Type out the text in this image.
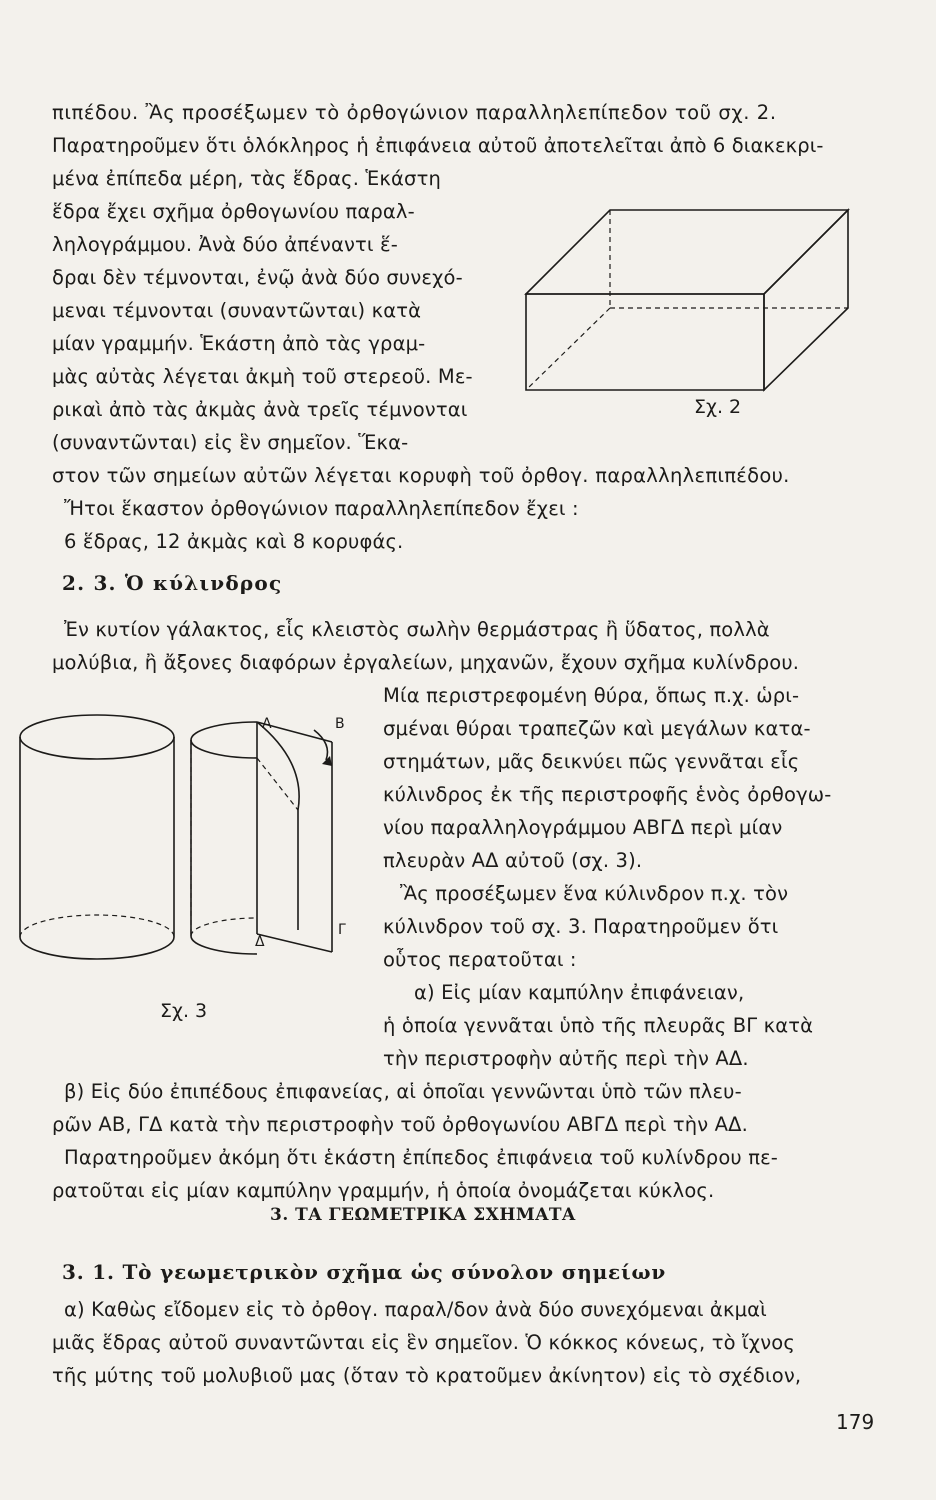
πιπέδου. Ἂς προσέξωμεν τὸ ὀρθογώνιον παραλληλεπίπεδον τοῦ σχ. 2.
Παρατηροῦμεν ὅτι ὁλόκληρος ἡ ἐπιφάνεια αὐτοῦ ἀποτελεῖται ἀπὸ 6 διακεκρι-
μένα ἐπίπεδα μέρη, τὰς ἕδρας. Ἑκάστη
ἕδρα ἔχει σχῆμα ὀρθογωνίου παραλ-
ληλογράμμου. Ἀνὰ δύο ἀπέναντι ἕ-
δραι δὲν τέμνονται, ἐνῷ ἀνὰ δύο συνεχό-
μεναι τέμνονται (συναντῶνται) κατὰ
μίαν γραμμήν. Ἑκάστη ἀπὸ τὰς γραμ-
μὰς αὐτὰς λέγεται ἀκμὴ τοῦ στερεοῦ. Με-
ρικαὶ ἀπὸ τὰς ἀκμὰς ἀνὰ τρεῖς τέμνονται
(συναντῶνται) εἰς ἓν σημεῖον. Ἕκα-
στον τῶν σημείων αὐτῶν λέγεται κορυφὴ τοῦ ὀρθογ. παραλληλεπιπέδου.
Ἤτοι ἕκαστον ὀρθογώνιον παραλληλεπίπεδον ἔχει :
6 ἕδρας, 12 ἀκμὰς καὶ 8 κορυφάς.
Σχ. 2
2. 3. Ὁ κύλινδρος
Ἐν κυτίον γάλακτος, εἷς κλειστὸς σωλὴν θερμάστρας ἢ ὕδατος, πολλὰ
μολύβια, ἢ ἄξονες διαφόρων ἐργαλείων, μηχανῶν, ἔχουν σχῆμα κυλίνδρου.
Μία περιστρεφομένη θύρα, ὅπως π.χ. ὡρι-
σμέναι θύραι τραπεζῶν καὶ μεγάλων κατα-
στημάτων, μᾶς δεικνύει πῶς γεννᾶται εἷς
κύλινδρος ἐκ τῆς περιστροφῆς ἑνὸς ὀρθογω-
νίου παραλληλογράμμου ΑΒΓΔ περὶ μίαν
πλευρὰν ΑΔ αὐτοῦ (σχ. 3).
Ἂς προσέξωμεν ἕνα κύλινδρον π.χ. τὸν
κύλινδρον τοῦ σχ. 3. Παρατηροῦμεν ὅτι
οὗτος περατοῦται :
α) Εἰς μίαν καμπύλην ἐπιφάνειαν,
ἡ ὁποία γεννᾶται ὑπὸ τῆς πλευρᾶς ΒΓ κατὰ
τὴν περιστροφὴν αὐτῆς περὶ τὴν ΑΔ.
β) Εἰς δύο ἐπιπέδους ἐπιφανείας, αἱ ὁποῖαι γεννῶνται ὑπὸ τῶν πλευ-
ρῶν ΑΒ, ΓΔ κατὰ τὴν περιστροφὴν τοῦ ὀρθογωνίου ΑΒΓΔ περὶ τὴν ΑΔ.
Παρατηροῦμεν ἀκόμη ὅτι ἑκάστη ἐπίπεδος ἐπιφάνεια τοῦ κυλίνδρου πε-
ρατοῦται εἰς μίαν καμπύλην γραμμήν, ἡ ὁποία ὀνομάζεται κύκλος.
Α	Β
Γ
Δ
Σχ. 3
3. ΤΑ ΓΕΩΜΕΤΡΙΚΑ ΣΧΗΜΑΤΑ
3. 1. Τὸ γεωμετρικὸν σχῆμα ὡς σύνολον σημείων
α) Καθὼς εἴδομεν εἰς τὸ ὀρθογ. παραλ/δον ἀνὰ δύο συνεχόμεναι ἀκμαὶ
μιᾶς ἕδρας αὐτοῦ συναντῶνται εἰς ἓν σημεῖον. Ὁ κόκκος κόνεως, τὸ ἴχνος
τῆς μύτης τοῦ μολυβιοῦ μας (ὅταν τὸ κρατοῦμεν ἀκίνητον) εἰς τὸ σχέδιον,
179
